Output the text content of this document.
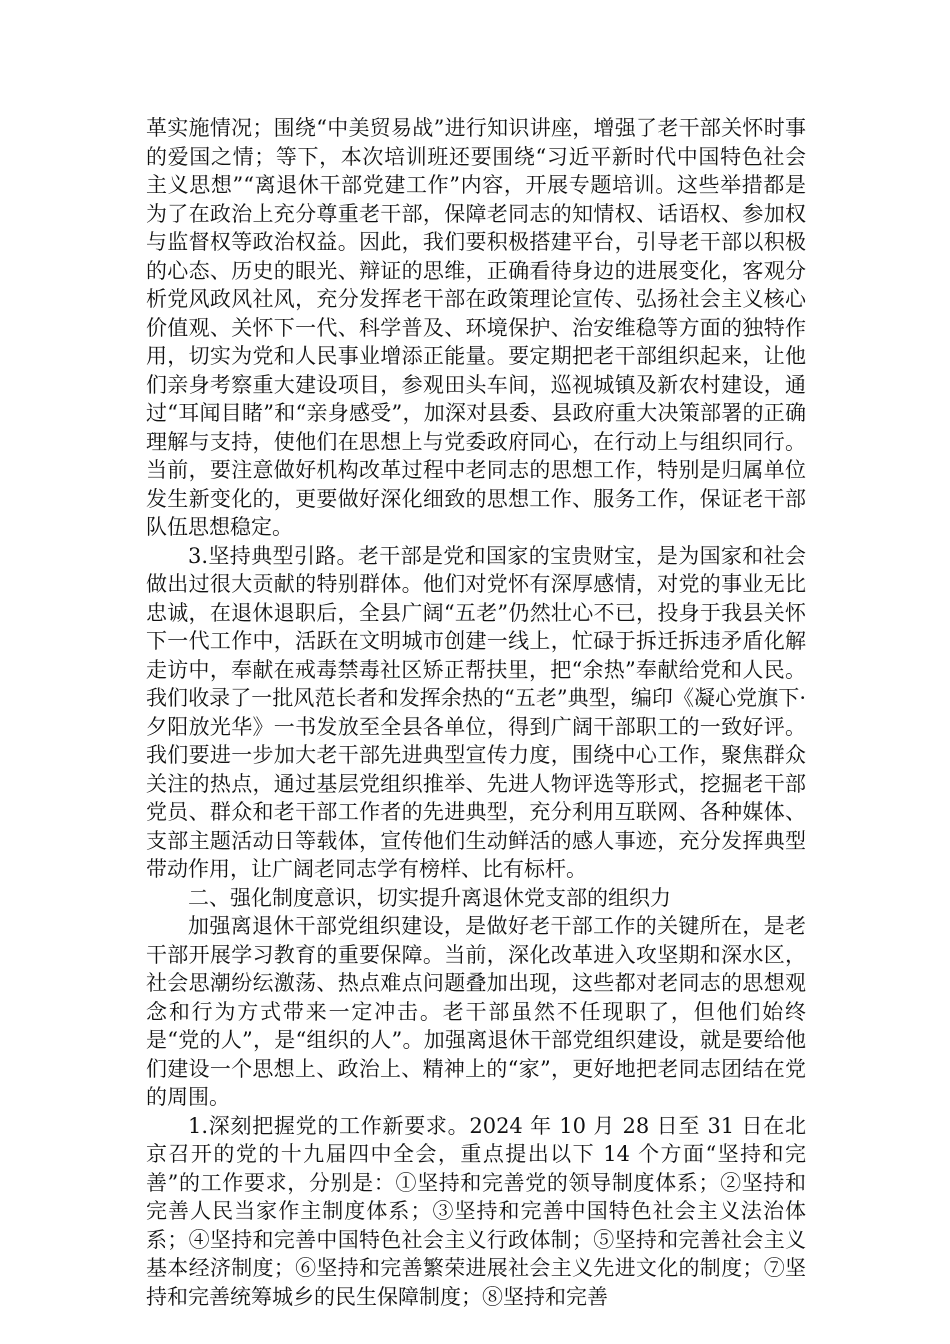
革实施情况；围绕“中美贸易战”进行知识讲座，增强了老干部关怀时事的爱国之情；等下，本次培训班还要围绕“习近平新时代中国特色社会主义思想”“离退休干部党建工作”内容，开展专题培训。这些举措都是为了在政治上充分尊重老干部，保障老同志的知情权、话语权、参加权与监督权等政治权益。因此，我们要积极搭建平台，引导老干部以积极的心态、历史的眼光、辩证的思维，正确看待身边的进展变化，客观分析党风政风社风，充分发挥老干部在政策理论宣传、弘扬社会主义核心价值观、关怀下一代、科学普及、环境保护、治安维稳等方面的独特作用，切实为党和人民事业增添正能量。要定期把老干部组织起来，让他们亲身考察重大建设项目，参观田头车间，巡视城镇及新农村建设，通过“耳闻目睹”和“亲身感受”，加深对县委、县政府重大决策部署的正确理解与支持，使他们在思想上与党委政府同心，在行动上与组织同行。当前，要注意做好机构改革过程中老同志的思想工作，特别是归属单位发生新变化的，更要做好深化细致的思想工作、服务工作，保证老干部队伍思想稳定。

3.坚持典型引路。老干部是党和国家的宝贵财宝，是为国家和社会做出过很大贡献的特别群体。他们对党怀有深厚感情，对党的事业无比忠诚，在退休退职后，全县广阔“五老”仍然壮心不已，投身于我县关怀下一代工作中，活跃在文明城市创建一线上，忙碌于拆迁拆违矛盾化解走访中，奉献在戒毒禁毒社区矫正帮扶里，把“余热”奉献给党和人民。我们收录了一批风范长者和发挥余热的“五老”典型，编印《凝心党旗下·夕阳放光华》一书发放至全县各单位，得到广阔干部职工的一致好评。我们要进一步加大老干部先进典型宣传力度，围绕中心工作，聚焦群众关注的热点，通过基层党组织推举、先进人物评选等形式，挖掘老干部党员、群众和老干部工作者的先进典型，充分利用互联网、各种媒体、支部主题活动日等载体，宣传他们生动鲜活的感人事迹，充分发挥典型带动作用，让广阔老同志学有榜样、比有标杆。

二、强化制度意识，切实提升离退休党支部的组织力

加强离退休干部党组织建设，是做好老干部工作的关键所在，是老干部开展学习教育的重要保障。当前，深化改革进入攻坚期和深水区，社会思潮纷纭激荡、热点难点问题叠加出现，这些都对老同志的思想观念和行为方式带来一定冲击。老干部虽然不任现职了，但他们始终是“党的人”，是“组织的人”。加强离退休干部党组织建设，就是要给他们建设一个思想上、政治上、精神上的“家”，更好地把老同志团结在党的周围。

1.深刻把握党的工作新要求。2024 年 10 月 28 日至 31 日在北京召开的党的十九届四中全会，重点提出以下 14 个方面“坚持和完善”的工作要求，分别是：①坚持和完善党的领导制度体系；②坚持和完善人民当家作主制度体系；③坚持和完善中国特色社会主义法治体系；④坚持和完善中国特色社会主义行政体制；⑤坚持和完善社会主义基本经济制度；⑥坚持和完善繁荣进展社会主义先进文化的制度；⑦坚持和完善统筹城乡的民生保障制度；⑧坚持和完善
